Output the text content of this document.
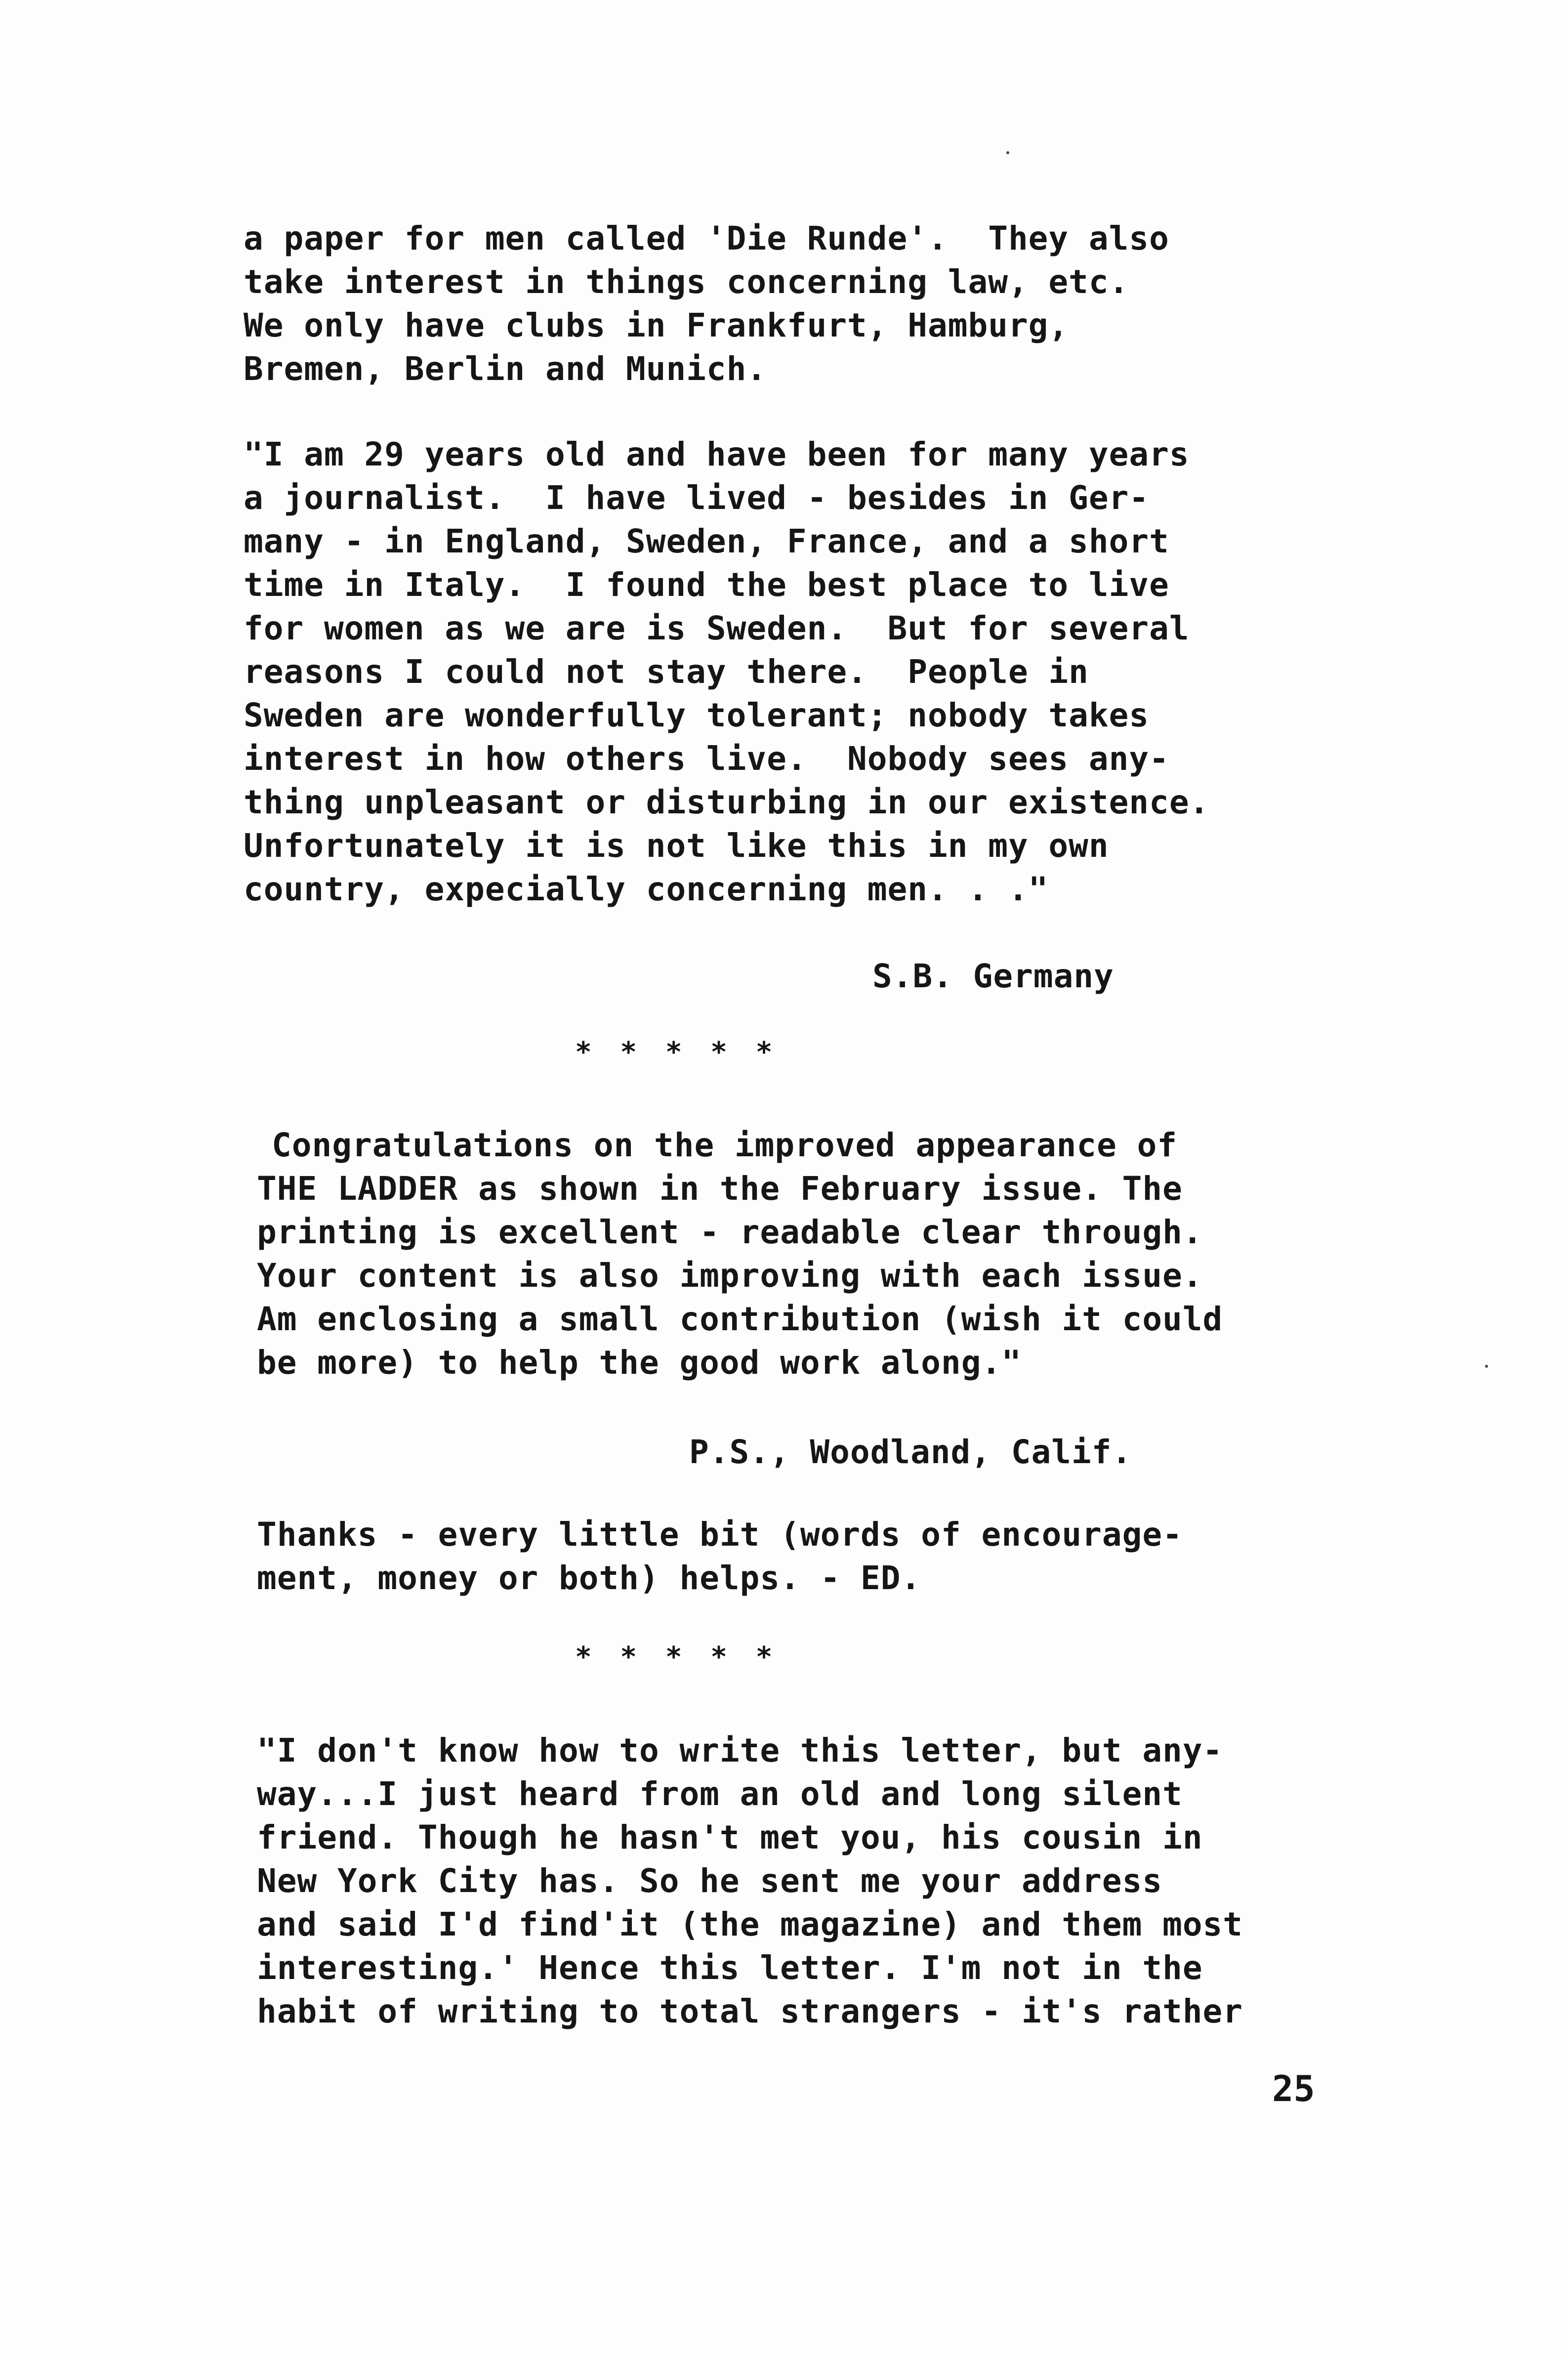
a paper for men called 'Die Runde'.  They also
take interest in things concerning law, etc.
We only have clubs in Frankfurt, Hamburg,
Bremen, Berlin and Munich.
"I am 29 years old and have been for many years
a journalist.  I have lived - besides in Ger-
many - in England, Sweden, France, and a short
time in Italy.  I found the best place to live
for women as we are is Sweden.  But for several
reasons I could not stay there.  People in
Sweden are wonderfully tolerant; nobody takes
interest in how others live.  Nobody sees any-
thing unpleasant or disturbing in our existence.
Unfortunately it is not like this in my own
country, expecially concerning men. . ."
S.B. Germany
* * * * *
Congratulations on the improved appearance of
THE LADDER as shown in the February issue. The
printing is excellent - readable clear through.
Your content is also improving with each issue.
Am enclosing a small contribution (wish it could
be more) to help the good work along."
P.S., Woodland, Calif.
Thanks - every little bit (words of encourage-
ment, money or both) helps. - ED.
* * * * *
"I don't know how to write this letter, but any-
way...I just heard from an old and long silent
friend. Though he hasn't met you, his cousin in
New York City has. So he sent me your address
and said I'd find'it (the magazine) and them most
interesting.' Hence this letter. I'm not in the
habit of writing to total strangers - it's rather
25
